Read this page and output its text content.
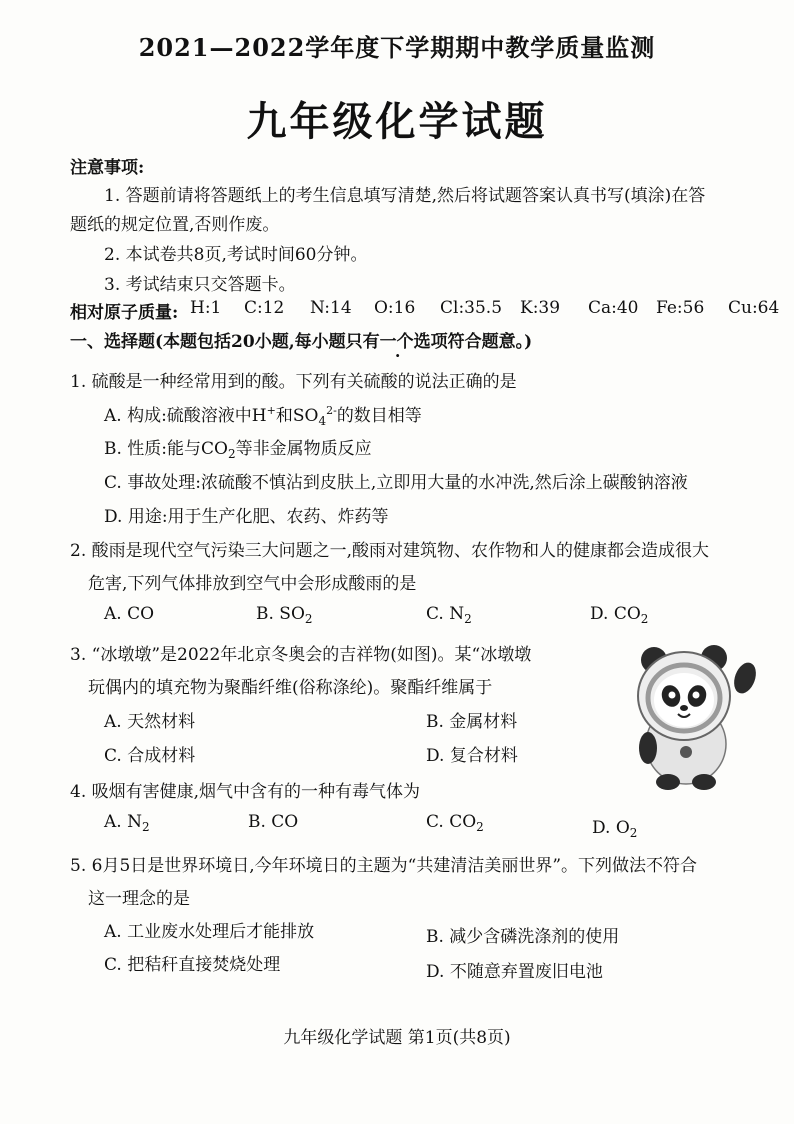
2021—2022学年度下学期期中教学质量监测
九年级化学试题
注意事项:
1. 答题前请将答题纸上的考生信息填写清楚,然后将试题答案认真书写(填涂)在答
题纸的规定位置,否则作废。
2. 本试卷共8页,考试时间60分钟。
3. 考试结束只交答题卡。
相对原子质量: H:1 C:12 N:14 O:16 Cl:35.5 K:39 Ca:40 Fe:56 Cu:64
一、选择题(本题包括20小题,每小题只有一个选项符合题意。)
1. 硫酸是一种经常用到的酸。下列有关硫酸的说法正确的是
A. 构成:硫酸溶液中H+和$SO_4^{2-}$的数目相等
B. 性质:能与$CO_2$等非金属物质反应
C. 事故处理:浓硫酸不慎沾到皮肤上,立即用大量的水冲洗,然后涂上碳酸钠溶液
D. 用途:用于生产化肥、农药、炸药等
2. 酸雨是现代空气污染三大问题之一,酸雨对建筑物、农作物和人的健康都会造成很大
危害,下列气体排放到空气中会形成酸雨的是
A. CO	B. $SO_2$	C. $N_2$	D. $CO_2$
3. “冰墩墩”是2022年北京冬奥会的吉祥物(如图)。某“冰墩墩
玩偶内的填充物为聚酯纤维(俗称涤纶)。聚酯纤维属于
A. 天然材料	B. 金属材料
C. 合成材料	D. 复合材料
4. 吸烟有害健康,烟气中含有的一种有毒气体为
A. $N_2$	B. CO	C. $CO_2$	D. $O_2$
5. 6月5日是世界环境日,今年环境日的主题为“共建清洁美丽世界”。下列做法不符合
这一理念的是
A. 工业废水处理后才能排放	B. 减少含磷洗涤剂的使用
C. 把秸秆直接焚烧处理	D. 不随意弃置废旧电池
九年级化学试题 第1页(共8页)
